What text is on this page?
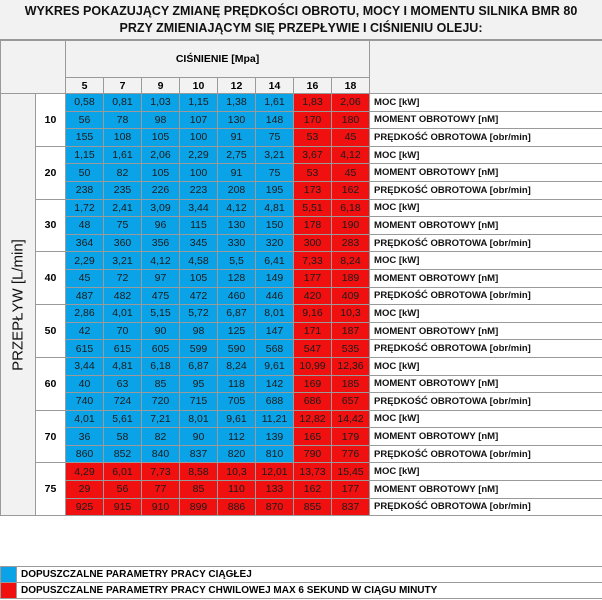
WYKRES POKAZUJĄCY ZMIANĘ PRĘDKOŚCI OBROTU, MOCY I MOMENTU SILNIKA BMR 80
PRZY ZMIENIAJĄCYM SIĘ PRZEPŁYWIE I CIŚNIENIU OLEJU:
		CIŚNIENIE [Mpa]								
		5	7	9	10	12	14	16	18	

PRZEPŁYW [L/min]	10	0,58	0,81	1,03	1,15	1,38	1,61	1,83	2,06	MOC [kW]
		56	78	98	107	130	148	170	180	MOMENT OBROTOWY [nM]
		155	108	105	100	91	75	53	45	PRĘDKOŚĆ OBROTOWA [obr/min]
	20	1,15	1,61	2,06	2,29	2,75	3,21	3,67	4,12	MOC [kW]
		50	82	105	100	91	75	53	45	MOMENT OBROTOWY [nM]
		238	235	226	223	208	195	173	162	PRĘDKOŚĆ OBROTOWA [obr/min]
	30	1,72	2,41	3,09	3,44	4,12	4,81	5,51	6,18	MOC [kW]
		48	75	96	115	130	150	178	190	MOMENT OBROTOWY [nM]
		364	360	356	345	330	320	300	283	PRĘDKOŚĆ OBROTOWA [obr/min]
	40	2,29	3,21	4,12	4,58	5,5	6,41	7,33	8,24	MOC [kW]
		45	72	97	105	128	149	177	189	MOMENT OBROTOWY [nM]
		487	482	475	472	460	446	420	409	PRĘDKOŚĆ OBROTOWA [obr/min]
	50	2,86	4,01	5,15	5,72	6,87	8,01	9,16	10,3	MOC [kW]
		42	70	90	98	125	147	171	187	MOMENT OBROTOWY [nM]
		615	615	605	599	590	568	547	535	PRĘDKOŚĆ OBROTOWA [obr/min]
	60	3,44	4,81	6,18	6,87	8,24	9,61	10,99	12,36	MOC [kW]
		40	63	85	95	118	142	169	185	MOMENT OBROTOWY [nM]
		740	724	720	715	705	688	686	657	PRĘDKOŚĆ OBROTOWA [obr/min]
	70	4,01	5,61	7,21	8,01	9,61	11,21	12,82	14,42	MOC [kW]
		36	58	82	90	112	139	165	179	MOMENT OBROTOWY [nM]
		860	852	840	837	820	810	790	776	PRĘDKOŚĆ OBROTOWA [obr/min]
	75	4,29	6,01	7,73	8,58	10,3	12,01	13,73	15,45	MOC [kW]
		29	56	77	85	110	133	162	177	MOMENT OBROTOWY [nM]
		925	915	910	899	886	870	855	837	PRĘDKOŚĆ OBROTOWA [obr/min]
	DOPUSZCZALNE PARAMETRY PRACY CIĄGŁEJ
	DOPUSZCZALNE PARAMETRY PRACY CHWILOWEJ MAX 6 SEKUND W CIĄGU MINUTY
